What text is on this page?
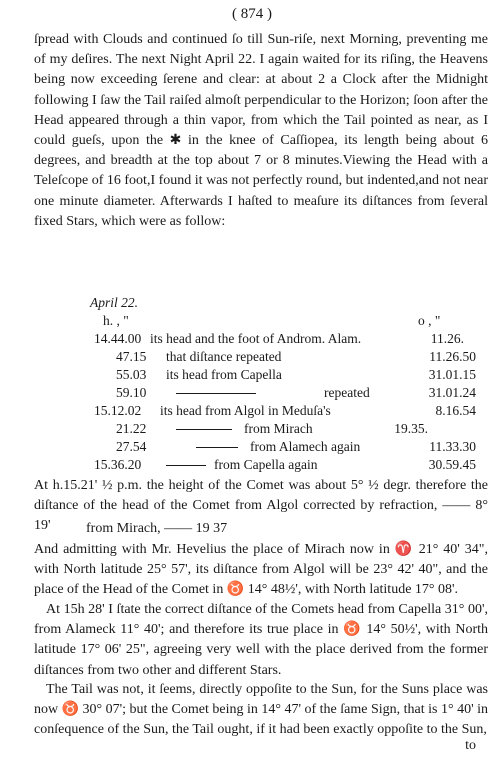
( 874 )
ſpread with Clouds and continued ſo till Sun-riſe, next Morning, preventing me of my deſires. The next Night April 22. I again waited for its riſing, the Heavens being now exceeding ſerene and clear: at about 2 a Clock after the Midnight following I ſaw the Tail raiſed almoſt perpendicular to the Horizon; ſoon after the Head appeared through a thin vapor, from which the Tail pointed as near, as I could gueſs, upon the ✱ in the knee of Caſſiopea, its length being about 6 degrees, and breadth at the top about 7 or 8 minutes.Viewing the Head with a Teleſcope of 16 foot,I found it was not perfectly round, but indented,and not near one minute diameter. Afterwards I haſted to meaſure its diſtances from ſeveral fixed Stars, which were as follow:
April 22.
h. , "	o , "
14.44.00 its head and the foot of Androm. Alam.	11.26.
47.15 that diſtance repeated	11.26.50
55.03 its head from Capella	31.01.15
59.10	repeated	31.01.24
15.12.02 its head from Algol in Meduſa's	8.16.54
21.22	from Mirach	19.35.
27.54	from Alamech again	11.33.30
15.36.20	from Capella again	30.59.45
At h.15.21' ½ p.m. the height of the Comet was about 5° ½ degr. therefore the diſtance of the head of the Comet from Algol corrected by refraction, —— 8° 19'	from Mirach, —— 19 37
And admitting with Mr. Hevelius the place of Mirach now in ♈ 21° 40' 34", with North latitude 25° 57', its diſtance from Algol will be 23° 42' 40", and the place of the Head of the Comet in ♉ 14° 48½', with North latitude 17° 08'.
At 15h 28' I ſtate the correct diſtance of the Comets head from Capella 31° 00', from Alameck 11° 40'; and therefore its true place in ♉ 14° 50½', with North latitude 17° 06' 25", agreeing very well with the place derived from the former diſtances from two other and different Stars.
The Tail was not, it ſeems, directly oppoſite to the Sun, for the Suns place was now ♉ 30° 07'; but the Comet being in 14° 47' of the ſame Sign, that is 1° 40' in conſequence of the Sun, the Tail ought, if it had been exactly oppoſite to the Sun,
to
